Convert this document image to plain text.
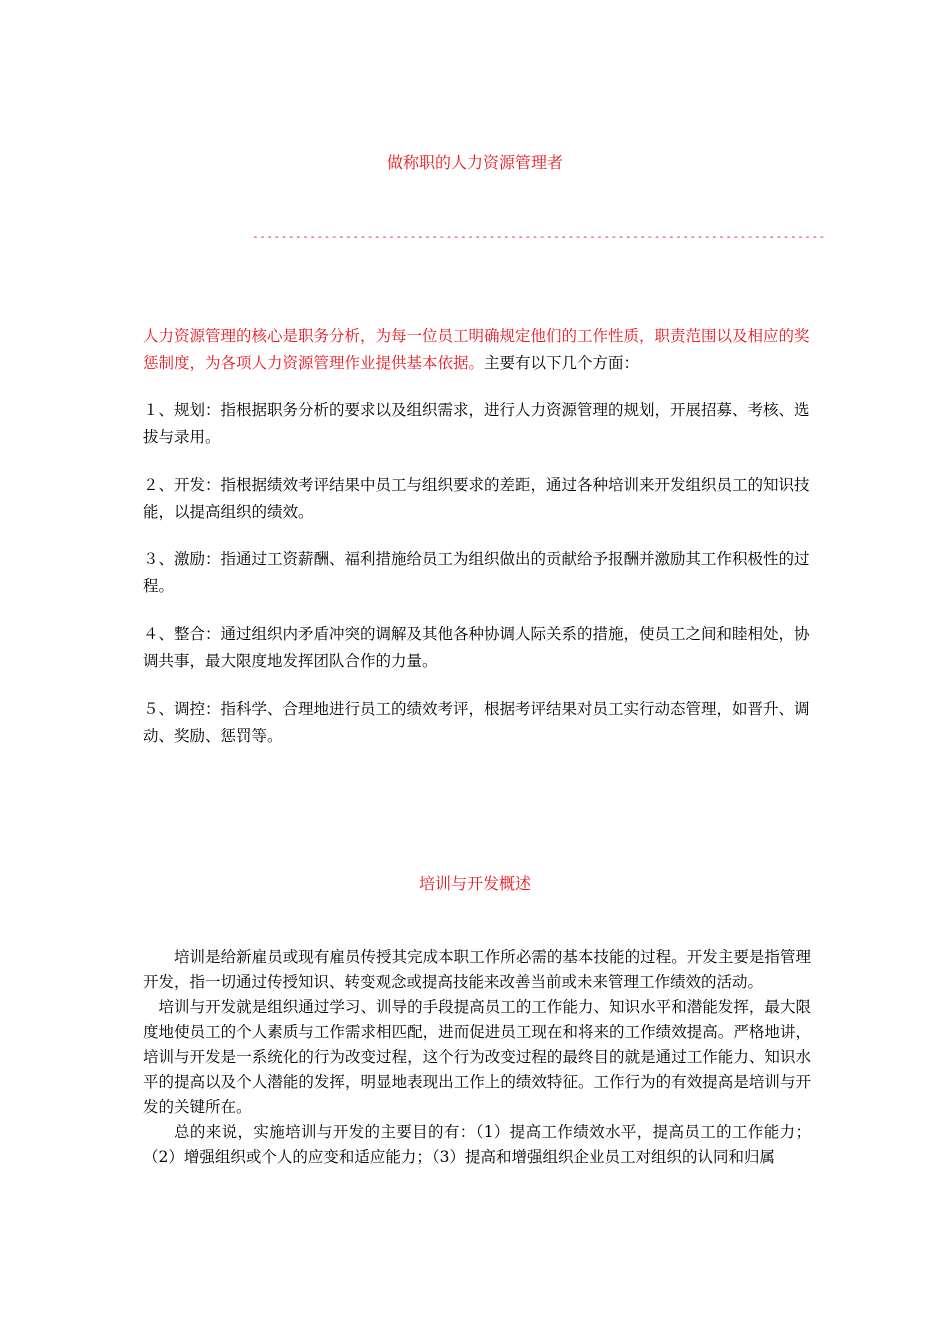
做称职的人力资源管理者
--------------------------------------------------------------------------------

人力资源管理的核心是职务分析，为每一位员工明确规定他们的工作性质，职责范围以及相应的奖惩制度，为各项人力资源管理作业提供基本依据。主要有以下几个方面：

１、规划：指根据职务分析的要求以及组织需求，进行人力资源管理的规划，开展招募、考核、选拔与录用。
２、开发：指根据绩效考评结果中员工与组织要求的差距，通过各种培训来开发组织员工的知识技能，以提高组织的绩效。
３、激励：指通过工资薪酬、福利措施给员工为组织做出的贡献给予报酬并激励其工作积极性的过程。
４、整合：通过组织内矛盾冲突的调解及其他各种协调人际关系的措施，使员工之间和睦相处，协调共事，最大限度地发挥团队合作的力量。
５、调控：指科学、合理地进行员工的绩效考评，根据考评结果对员工实行动态管理，如晋升、调动、奖励、惩罚等。
培训与开发概述

培训是给新雇员或现有雇员传授其完成本职工作所必需的基本技能的过程。开发主要是指管理开发，指一切通过传授知识、转变观念或提高技能来改善当前或未来管理工作绩效的活动。

培训与开发就是组织通过学习、训导的手段提高员工的工作能力、知识水平和潜能发挥，最大限度地使员工的个人素质与工作需求相匹配，进而促进员工现在和将来的工作绩效提高。严格地讲，培训与开发是一系统化的行为改变过程，这个行为改变过程的最终目的就是通过工作能力、知识水平的提高以及个人潜能的发挥，明显地表现出工作上的绩效特征。工作行为的有效提高是培训与开发的关键所在。

总的来说，实施培训与开发的主要目的有：（1）提高工作绩效水平，提高员工的工作能力；（2）增强组织或个人的应变和适应能力；（3）提高和增强组织企业员工对组织的认同和归属
